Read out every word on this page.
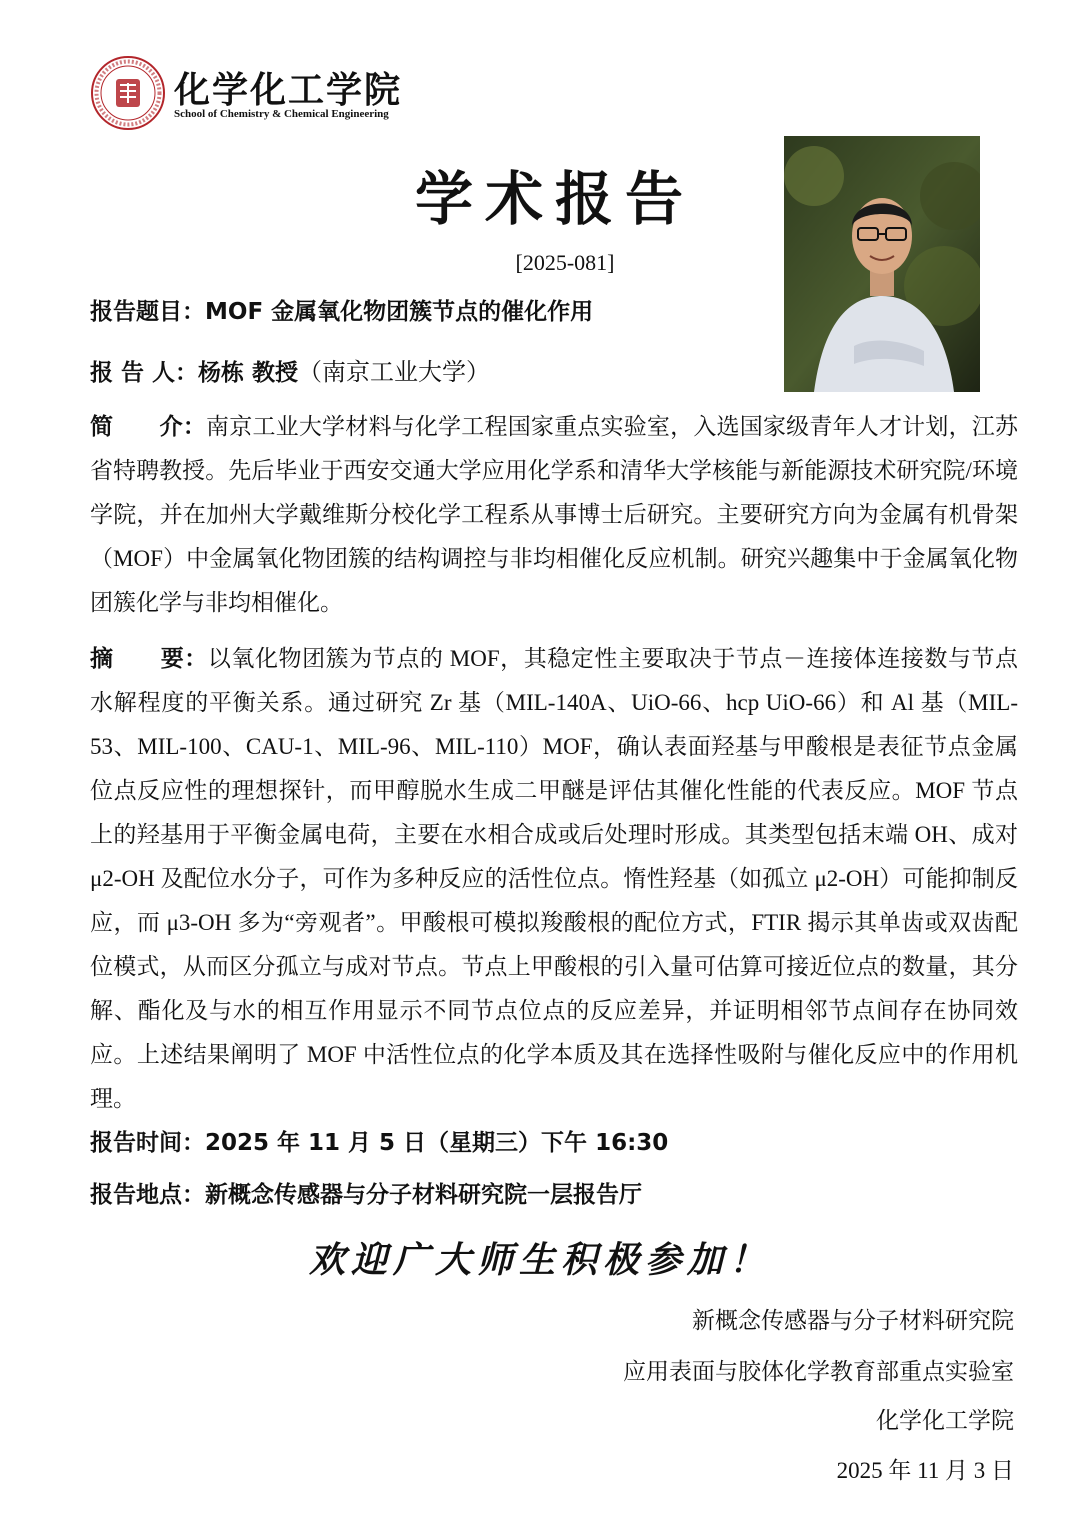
化学化工学院
School of Chemistry & Chemical Engineering
学术报告
[2025-081]
报告题目：MOF 金属氧化物团簇节点的催化作用
报 告 人：杨栋 教授（南京工业大学）
简　　介：南京工业大学材料与化学工程国家重点实验室，入选国家级青年人才计划，江苏省特聘教授。先后毕业于西安交通大学应用化学系和清华大学核能与新能源技术研究院/环境学院，并在加州大学戴维斯分校化学工程系从事博士后研究。主要研究方向为金属有机骨架（MOF）中金属氧化物团簇的结构调控与非均相催化反应机制。研究兴趣集中于金属氧化物团簇化学与非均相催化。
摘　　要：以氧化物团簇为节点的 MOF，其稳定性主要取决于节点－连接体连接数与节点水解程度的平衡关系。通过研究 Zr 基（MIL-140A、UiO-66、hcp UiO-66）和 Al 基（MIL-53、MIL-100、CAU-1、MIL-96、MIL-110）MOF，确认表面羟基与甲酸根是表征节点金属位点反应性的理想探针，而甲醇脱水生成二甲醚是评估其催化性能的代表反应。MOF 节点上的羟基用于平衡金属电荷，主要在水相合成或后处理时形成。其类型包括末端 OH、成对 μ2-OH 及配位水分子，可作为多种反应的活性位点。惰性羟基（如孤立 μ2-OH）可能抑制反应，而 μ3-OH 多为“旁观者”。甲酸根可模拟羧酸根的配位方式，FTIR 揭示其单齿或双齿配位模式，从而区分孤立与成对节点。节点上甲酸根的引入量可估算可接近位点的数量，其分解、酯化及与水的相互作用显示不同节点位点的反应差异，并证明相邻节点间存在协同效应。上述结果阐明了 MOF 中活性位点的化学本质及其在选择性吸附与催化反应中的作用机理。
报告时间：2025 年 11 月 5 日（星期三）下午 16:30
报告地点：新概念传感器与分子材料研究院一层报告厅
欢迎广大师生积极参加！
新概念传感器与分子材料研究院
应用表面与胶体化学教育部重点实验室
化学化工学院
2025 年 11 月 3 日
